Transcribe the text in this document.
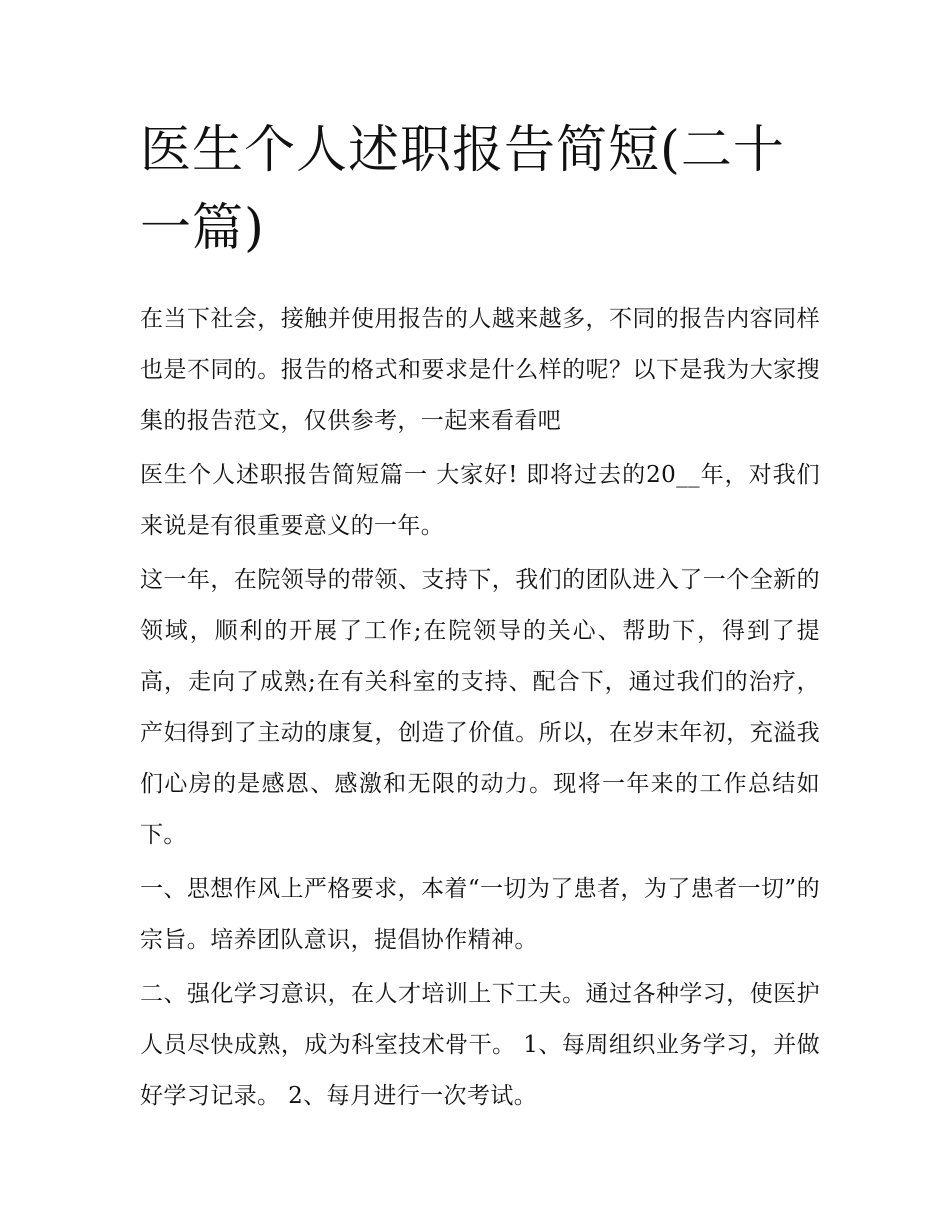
医生个人述职报告简短(二十一篇)

在当下社会，接触并使用报告的人越来越多，不同的报告内容同样也是不同的。报告的格式和要求是什么样的呢？以下是我为大家搜集的报告范文，仅供参考，一起来看看吧

医生个人述职报告简短篇一 大家好! 即将过去的20__年，对我们来说是有很重要意义的一年。

这一年，在院领导的带领、支持下，我们的团队进入了一个全新的领域，顺利的开展了工作;在院领导的关心、帮助下，得到了提高，走向了成熟;在有关科室的支持、配合下，通过我们的治疗，产妇得到了主动的康复，创造了价值。所以，在岁末年初，充溢我们心房的是感恩、感激和无限的动力。现将一年来的工作总结如下。

一、思想作风上严格要求，本着“一切为了患者，为了患者一切”的宗旨。培养团队意识，提倡协作精神。

二、强化学习意识，在人才培训上下工夫。通过各种学习，使医护人员尽快成熟，成为科室技术骨干。 1、每周组织业务学习，并做好学习记录。 2、每月进行一次考试。
